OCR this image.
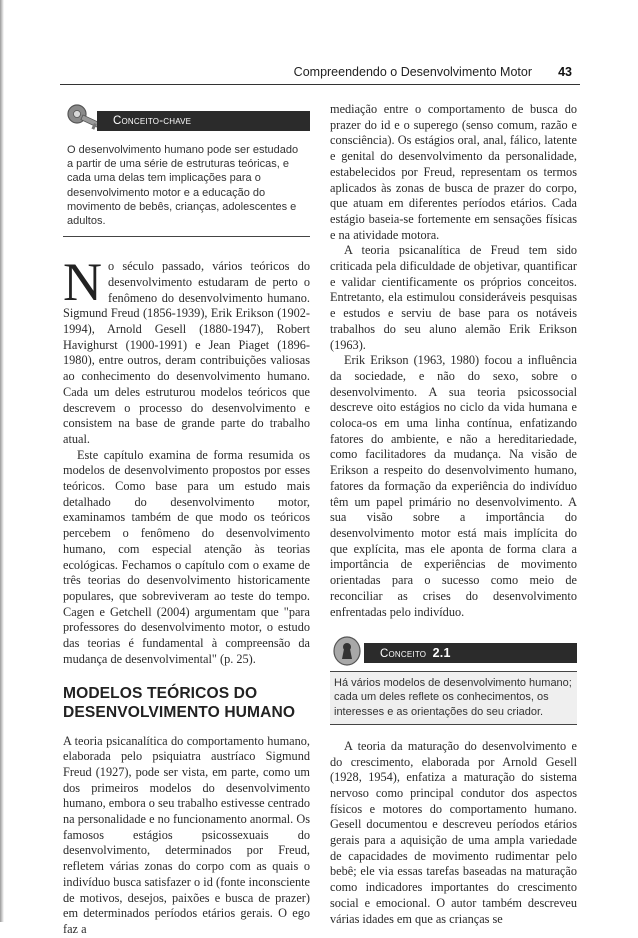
Compreendendo o Desenvolvimento Motor 43
Conceito-chave
O desenvolvimento humano pode ser estudado a partir de uma série de estruturas teóricas, e cada uma delas tem implicações para o desenvolvimento motor e a educação do movimento de bebês, crianças, adolescentes e adultos.
N o século passado, vários teóricos do desenvolvimento estudaram de perto o fenômeno do desenvolvimento humano. Sigmund Freud (1856-1939), Erik Erikson (1902-1994), Arnold Gesell (1880-1947), Robert Havighurst (1900-1991) e Jean Piaget (1896-1980), entre outros, deram contribuições valiosas ao conhecimento do desenvolvimento humano. Cada um deles estruturou modelos teóricos que descrevem o processo do desenvolvimento e consistem na base de grande parte do trabalho atual.

Este capítulo examina de forma resumida os modelos de desenvolvimento propostos por esses teóricos. Como base para um estudo mais detalhado do desenvolvimento motor, examinamos também de que modo os teóricos percebem o fenômeno do desenvolvimento humano, com especial atenção às teorias ecológicas. Fechamos o capítulo com o exame de três teorias do desenvolvimento historicamente populares, que sobreviveram ao teste do tempo. Cagen e Getchell (2004) argumentam que "para professores do desenvolvimento motor, o estudo das teorias é fundamental à compreensão da mudança de desenvolvimental" (p. 25).

MODELOS TEÓRICOS DO DESENVOLVIMENTO HUMANO

A teoria psicanalítica do comportamento humano, elaborada pelo psiquiatra austríaco Sigmund Freud (1927), pode ser vista, em parte, como um dos primeiros modelos do desenvolvimento humano, embora o seu trabalho estivesse centrado na personalidade e no funcionamento anormal. Os famosos estágios psicossexuais do desenvolvimento, determinados por Freud, refletem várias zonas do corpo com as quais o indivíduo busca satisfazer o id (fonte inconsciente de motivos, desejos, paixões e busca de prazer) em determinados períodos etários gerais. O ego faz a

mediação entre o comportamento de busca do prazer do id e o superego (senso comum, razão e consciência). Os estágios oral, anal, fálico, latente e genital do desenvolvimento da personalidade, estabelecidos por Freud, representam os termos aplicados às zonas de busca de prazer do corpo, que atuam em diferentes períodos etários. Cada estágio baseia-se fortemente em sensações físicas e na atividade motora.

A teoria psicanalítica de Freud tem sido criticada pela dificuldade de objetivar, quantificar e validar cientificamente os próprios conceitos. Entretanto, ela estimulou consideráveis pesquisas e estudos e serviu de base para os notáveis trabalhos do seu aluno alemão Erik Erikson (1963).

Erik Erikson (1963, 1980) focou a influência da sociedade, e não do sexo, sobre o desenvolvimento. A sua teoria psicossocial descreve oito estágios no ciclo da vida humana e coloca-os em uma linha contínua, enfatizando fatores do ambiente, e não a hereditariedade, como facilitadores da mudança. Na visão de Erikson a respeito do desenvolvimento humano, fatores da formação da experiência do indivíduo têm um papel primário no desenvolvimento. A sua visão sobre a importância do desenvolvimento motor está mais implícita do que explícita, mas ele aponta de forma clara a importância de experiências de movimento orientadas para o sucesso como meio de reconciliar as crises do desenvolvimento enfrentadas pelo indivíduo.

Conceito 2.1
Há vários modelos de desenvolvimento humano; cada um deles reflete os conhecimentos, os interesses e as orientações do seu criador.

A teoria da maturação do desenvolvimento e do crescimento, elaborada por Arnold Gesell (1928, 1954), enfatiza a maturação do sistema nervoso como principal condutor dos aspectos físicos e motores do comportamento humano. Gesell documentou e descreveu períodos etários gerais para a aquisição de uma ampla variedade de capacidades de movimento rudimentar pelo bebê; ele via essas tarefas baseadas na maturação como indicadores importantes do crescimento social e emocional. O autor também descreveu várias idades em que as crianças se
